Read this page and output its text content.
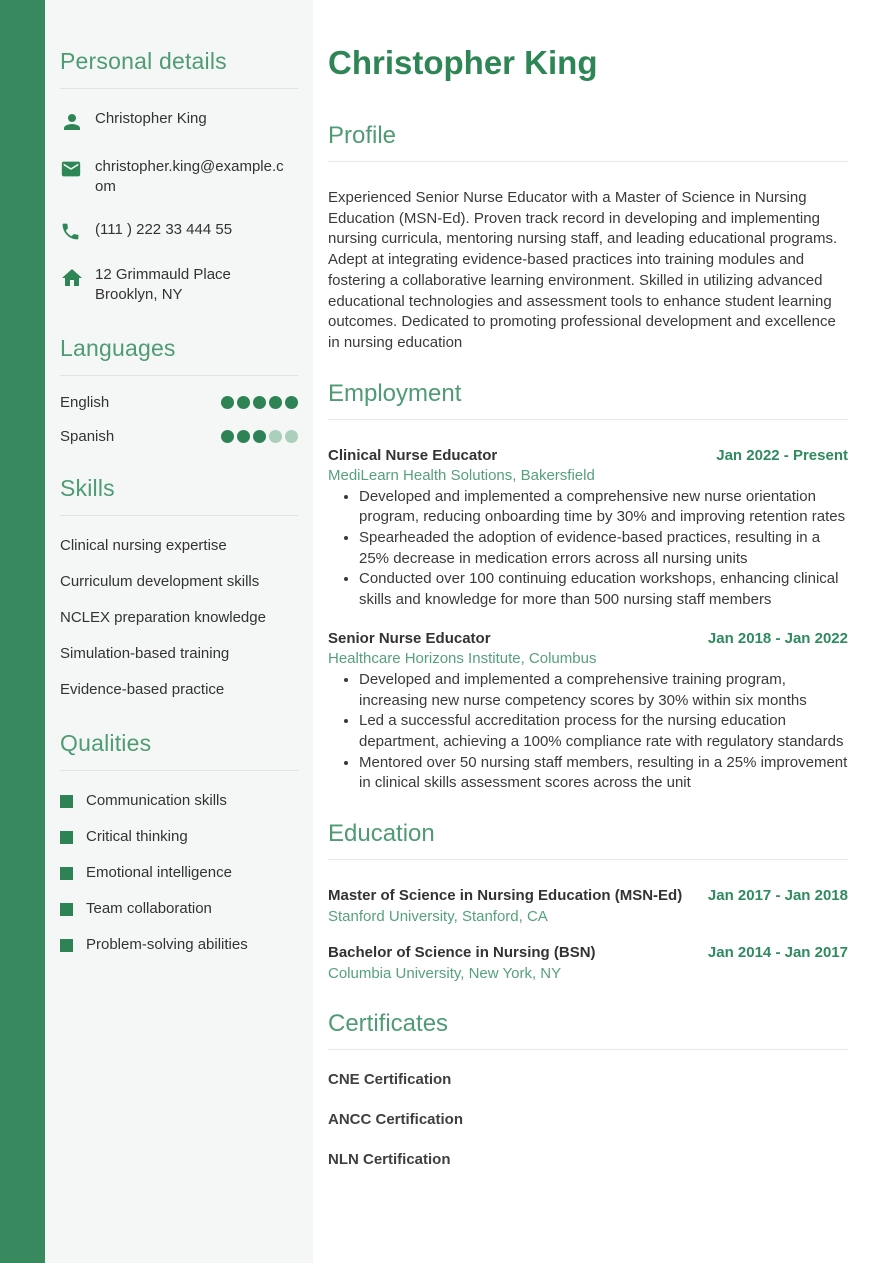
Personal details
Christopher King
christopher.king@example.com
(111 ) 222 33 444 55
12 Grimmauld Place
Brooklyn, NY
Languages
English
Spanish
Skills
Clinical nursing expertise
Curriculum development skills
NCLEX preparation knowledge
Simulation-based training
Evidence-based practice
Qualities
Communication skills
Critical thinking
Emotional intelligence
Team collaboration
Problem-solving abilities
Christopher King
Profile

Experienced Senior Nurse Educator with a Master of Science in Nursing Education (MSN-Ed). Proven track record in developing and implementing nursing curricula, mentoring nursing staff, and leading educational programs. Adept at integrating evidence-based practices into training modules and fostering a collaborative learning environment. Skilled in utilizing advanced educational technologies and assessment tools to enhance student learning outcomes. Dedicated to promoting professional development and excellence in nursing education

Employment
Clinical Nurse Educator	Jan 2022 - Present
MediLearn Health Solutions, Bakersfield
• Developed and implemented a comprehensive new nurse orientation program, reducing onboarding time by 30% and improving retention rates
• Spearheaded the adoption of evidence-based practices, resulting in a 25% decrease in medication errors across all nursing units
• Conducted over 100 continuing education workshops, enhancing clinical skills and knowledge for more than 500 nursing staff members
Senior Nurse Educator	Jan 2018 - Jan 2022
Healthcare Horizons Institute, Columbus
• Developed and implemented a comprehensive training program, increasing new nurse competency scores by 30% within six months
• Led a successful accreditation process for the nursing education department, achieving a 100% compliance rate with regulatory standards
• Mentored over 50 nursing staff members, resulting in a 25% improvement in clinical skills assessment scores across the unit
Education
Master of Science in Nursing Education (MSN-Ed) Jan 2017 - Jan 2018
Stanford University, Stanford, CA
Bachelor of Science in Nursing (BSN)	Jan 2014 - Jan 2017
Columbia University, New York, NY
Certificates
CNE Certification
ANCC Certification
NLN Certification
